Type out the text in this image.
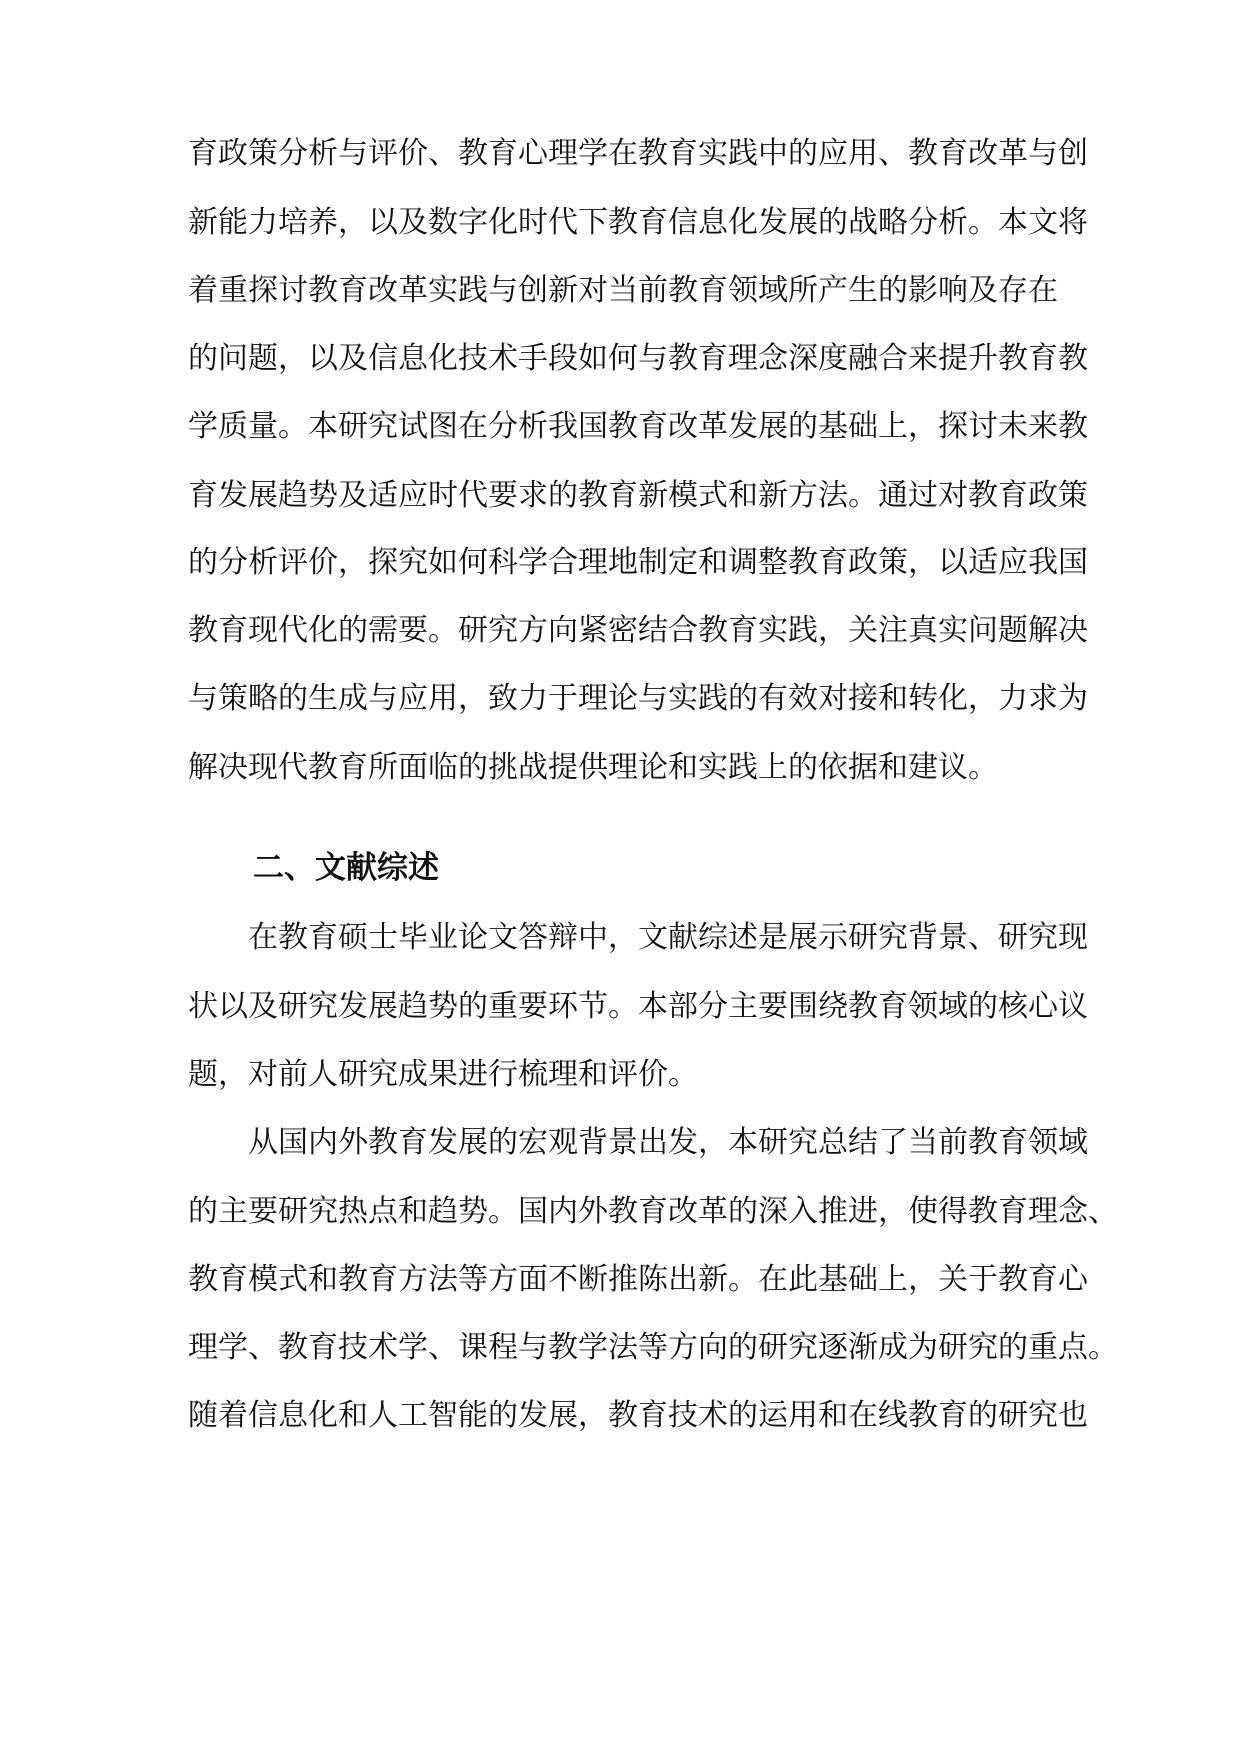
育政策分析与评价、教育心理学在教育实践中的应用、教育改革与创
新能力培养，以及数字化时代下教育信息化发展的战略分析。本文将
着重探讨教育改革实践与创新对当前教育领域所产生的影响及存在
的问题，以及信息化技术手段如何与教育理念深度融合来提升教育教
学质量。本研究试图在分析我国教育改革发展的基础上，探讨未来教
育发展趋势及适应时代要求的教育新模式和新方法。通过对教育政策
的分析评价，探究如何科学合理地制定和调整教育政策，以适应我国
教育现代化的需要。研究方向紧密结合教育实践，关注真实问题解决
与策略的生成与应用，致力于理论与实践的有效对接和转化，力求为
解决现代教育所面临的挑战提供理论和实践上的依据和建议。
二、文献综述
在教育硕士毕业论文答辩中，文献综述是展示研究背景、研究现
状以及研究发展趋势的重要环节。本部分主要围绕教育领域的核心议
题，对前人研究成果进行梳理和评价。
从国内外教育发展的宏观背景出发，本研究总结了当前教育领域
的主要研究热点和趋势。国内外教育改革的深入推进，使得教育理念、
教育模式和教育方法等方面不断推陈出新。在此基础上，关于教育心
理学、教育技术学、课程与教学法等方向的研究逐渐成为研究的重点。
随着信息化和人工智能的发展，教育技术的运用和在线教育的研究也
